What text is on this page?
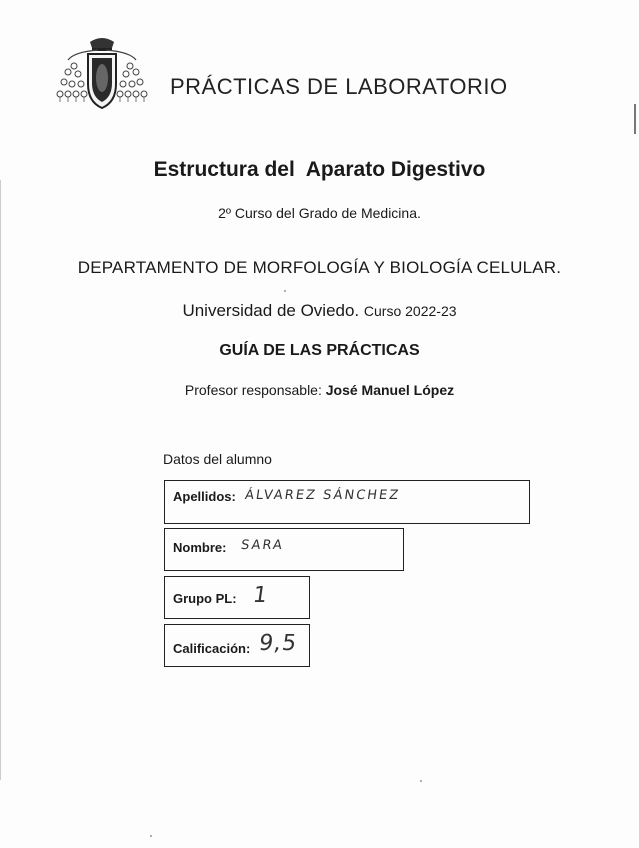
PRÁCTICAS DE LABORATORIO
Estructura del  Aparato Digestivo
2º Curso del Grado de Medicina.
DEPARTAMENTO DE MORFOLOGÍA Y BIOLOGÍA CELULAR.
Universidad de Oviedo. Curso 2022-23
GUÍA DE LAS PRÁCTICAS
Profesor responsable: José Manuel López
Datos del alumno
Apellidos: ÁLVAREZ SÁNCHEZ
Nombre: SARA
Grupo PL: 1
Calificación: 9,5
